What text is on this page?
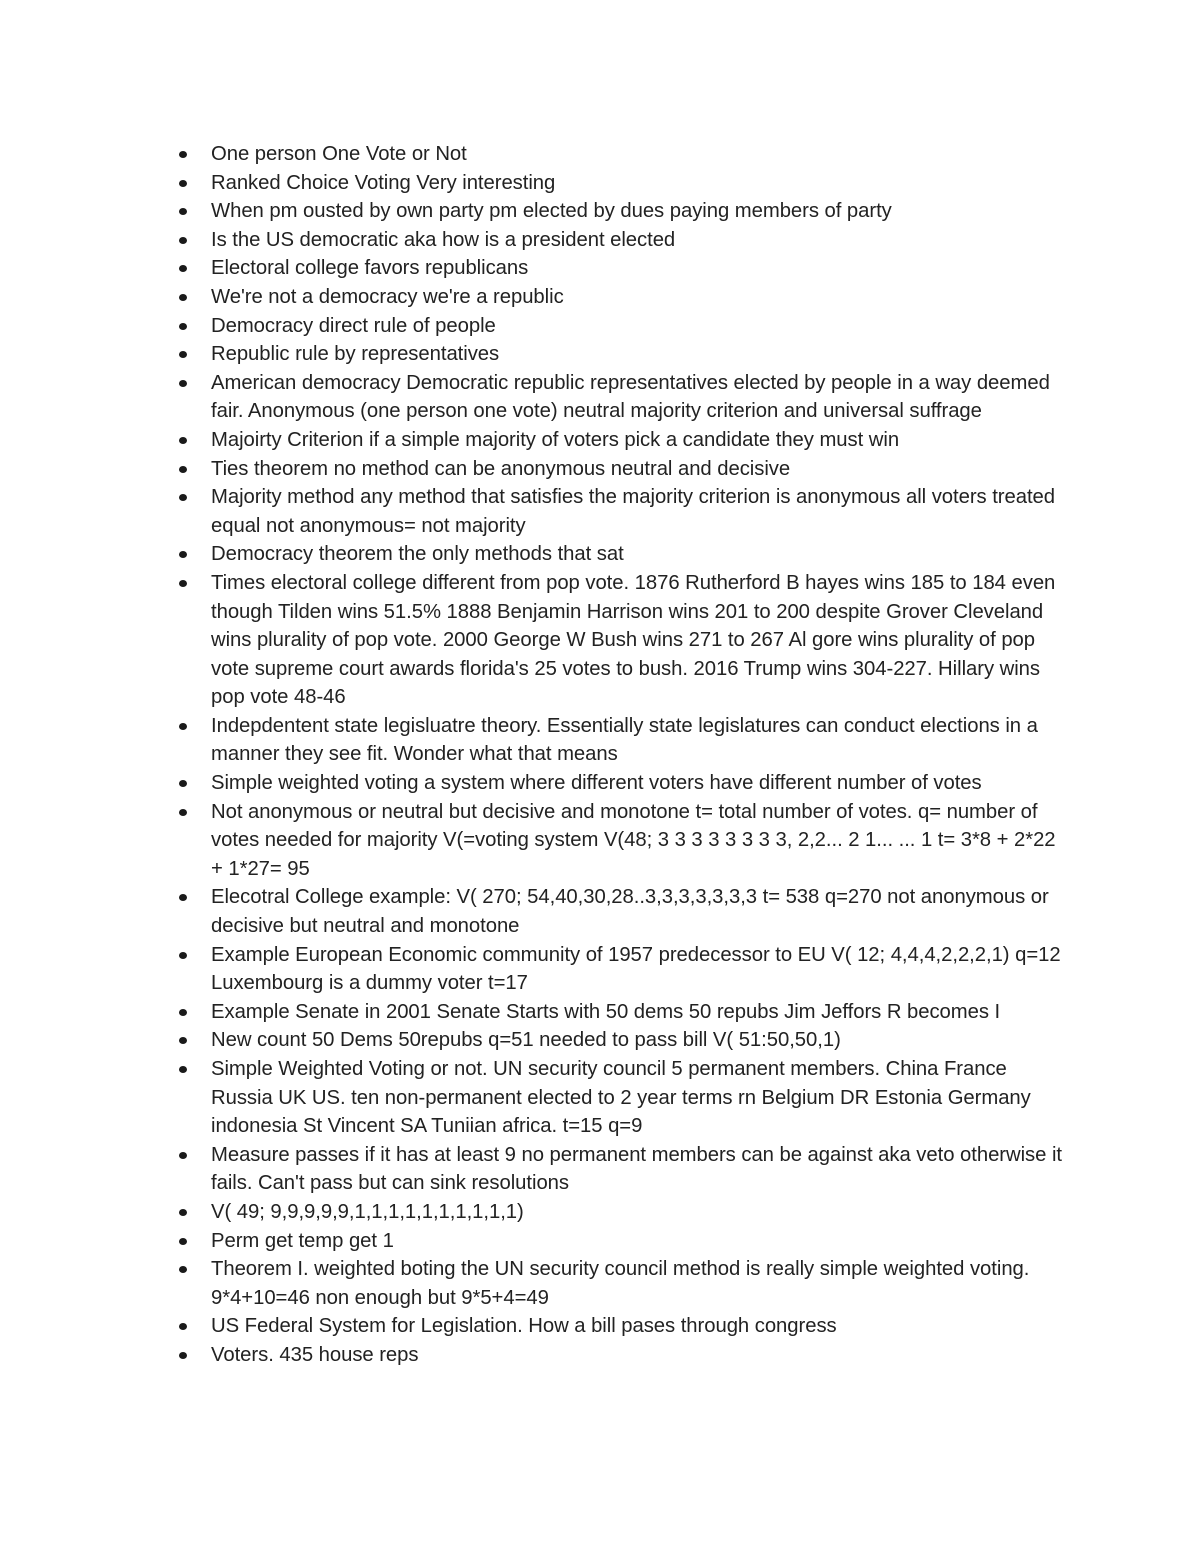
One person One Vote or Not
Ranked Choice Voting Very interesting
When pm ousted by own party pm elected by dues paying members of party
Is the US democratic aka how is a president elected
Electoral college favors republicans
We're not a democracy we're a republic
Democracy direct rule of people
Republic rule by representatives
American democracy Democratic republic representatives elected by people in a way deemed fair. Anonymous (one person one vote) neutral majority criterion and universal suffrage
Majoirty Criterion if a simple majority of voters pick a candidate they must win
Ties theorem no method can be anonymous neutral and decisive
Majority method any method that satisfies the majority criterion is anonymous all voters treated equal not anonymous= not majority
Democracy theorem the only methods that sat
Times electoral college different from pop vote. 1876 Rutherford B hayes wins 185 to 184 even though Tilden wins 51.5% 1888 Benjamin Harrison wins 201 to 200 despite Grover Cleveland wins plurality of pop vote. 2000 George W Bush wins 271 to 267 Al gore wins plurality of pop vote supreme court awards florida's 25 votes to bush. 2016 Trump wins 304-227. Hillary wins pop vote 48-46
Indepdentent state legisluatre theory. Essentially state legislatures can conduct elections in a manner they see fit. Wonder what that means
Simple weighted voting a system where different voters have different number of votes
Not anonymous or neutral but decisive and monotone t= total number of votes. q= number of votes needed for majority V(=voting system V(48; 3 3 3 3 3 3 3 3, 2,2... 2 1... ... 1 t= 3*8 + 2*22 + 1*27= 95
Elecotral College example: V( 270; 54,40,30,28..3,3,3,3,3,3,3 t= 538 q=270 not anonymous or decisive but neutral and monotone
Example European Economic community of 1957 predecessor to EU V( 12; 4,4,4,2,2,2,1) q=12 Luxembourg is a dummy voter t=17
Example Senate in 2001 Senate Starts with 50 dems 50 repubs Jim Jeffors R becomes I
New count 50 Dems 50repubs q=51 needed to pass bill V( 51:50,50,1)
Simple Weighted Voting or not. UN security council 5 permanent members. China France Russia UK US. ten non-permanent elected to 2 year terms rn Belgium DR Estonia Germany indonesia St Vincent SA Tuniian africa. t=15 q=9
Measure passes if it has at least 9 no permanent members can be against aka veto otherwise it fails. Can't pass but can sink resolutions
V( 49; 9,9,9,9,9,1,1,1,1,1,1,1,1,1,1)
Perm get temp get 1
Theorem I. weighted boting the UN security council method is really simple weighted voting. 9*4+10=46 non enough but 9*5+4=49
US Federal System for Legislation. How a bill pases through congress
Voters. 435 house reps
